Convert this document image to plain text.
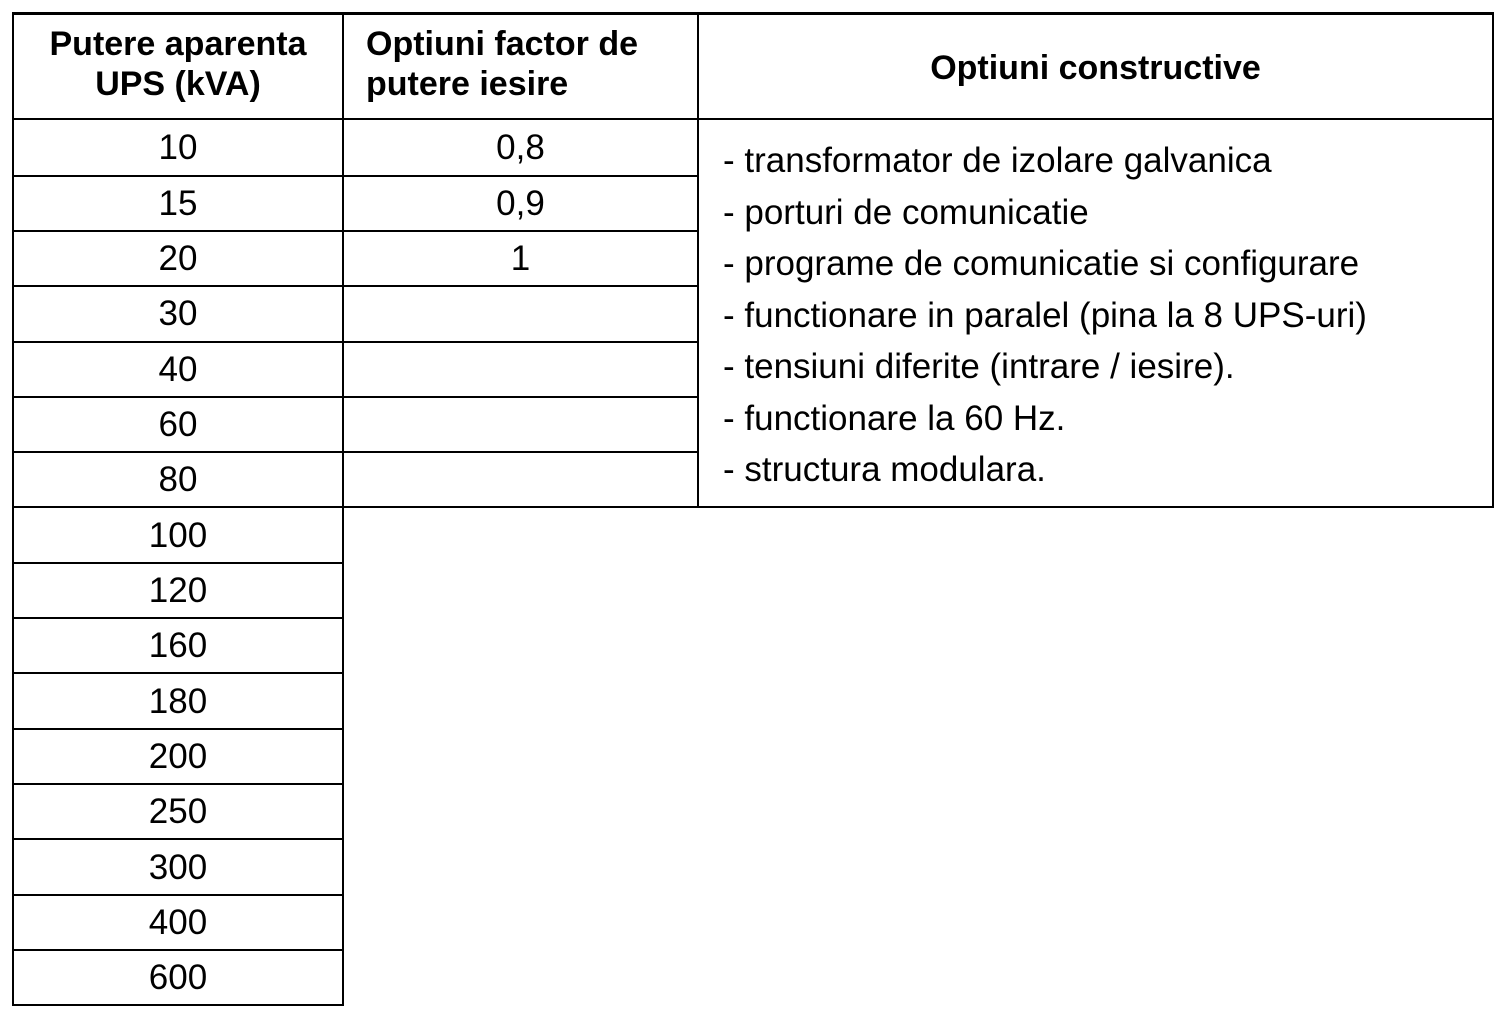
Putere aparenta
UPS (kVA)
Optiuni factor de
putere iesire	Optiuni constructive
10
15
20
30
40
60
80
100
120
160
180
200
250
300
400
600
0,8
0,9
1
- transformator de izolare galvanica
- porturi de comunicatie
- programe de comunicatie si configurare
- functionare in paralel (pina la 8 UPS-uri)
- tensiuni diferite (intrare / iesire).
- functionare la 60 Hz.
- structura modulara.
